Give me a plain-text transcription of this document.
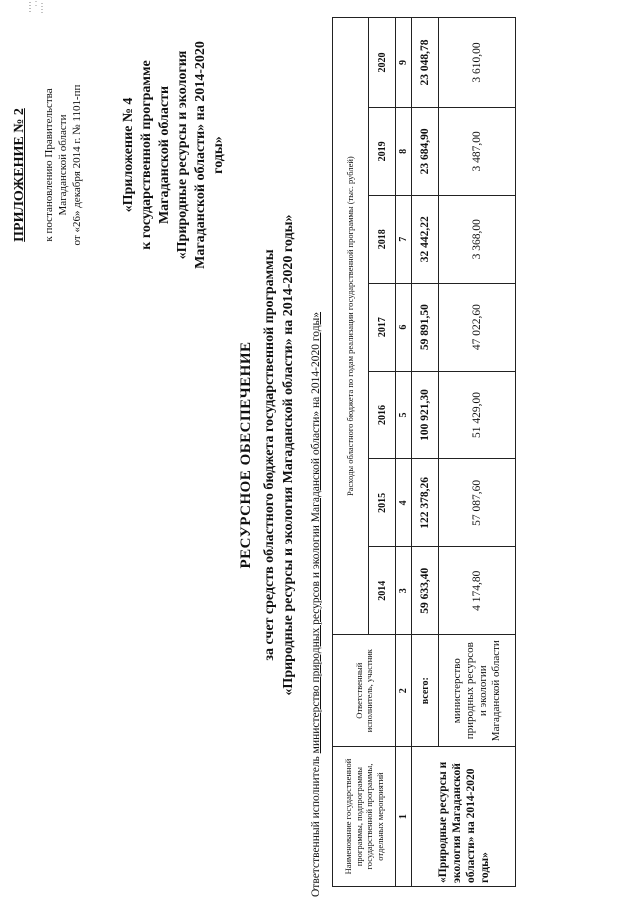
ПРИЛОЖЕНИЕ № 2 к постановлению Правительства Магаданской области от «26» декабря 2014 г. № 1101-пп	«Приложение № 4 к государственной программе Магаданской области «Природные ресурсы и экология Магаданской области» на 2014-2020 годы»
РЕСУРСНОЕ ОБЕСПЕЧЕНИЕ за счет средств областного бюджета государственной программы «Природные ресурсы и экология Магаданской области» на 2014-2020 годы»
Ответственный исполнитель министерство природных ресурсов и экологии Магаданской области» на 2014-2020 годы»
Наименование государственной программы, подпрограммы государственной программы, отдельных мероприятий	Ответственный исполнитель, участник	Расходы областного бюджета по годам реализации государственной программы (тыс. рублей)						
		2014	2015	2016	2017	2018	2019	2020
1	2	3	4	5	6	7	8	9
«Природные ресурсы и экология Магаданской области» на 2014-2020 годы»	всего:	59 633,40	122 378,26	100 921,30	59 891,50	32 442,22	23 684,90	23 048,78
	министерство природных ресурсов и экологии Магаданской области	4 174,80	57 087,60	51 429,00	47 022,60	3 368,00	3 487,00	3 610,00
